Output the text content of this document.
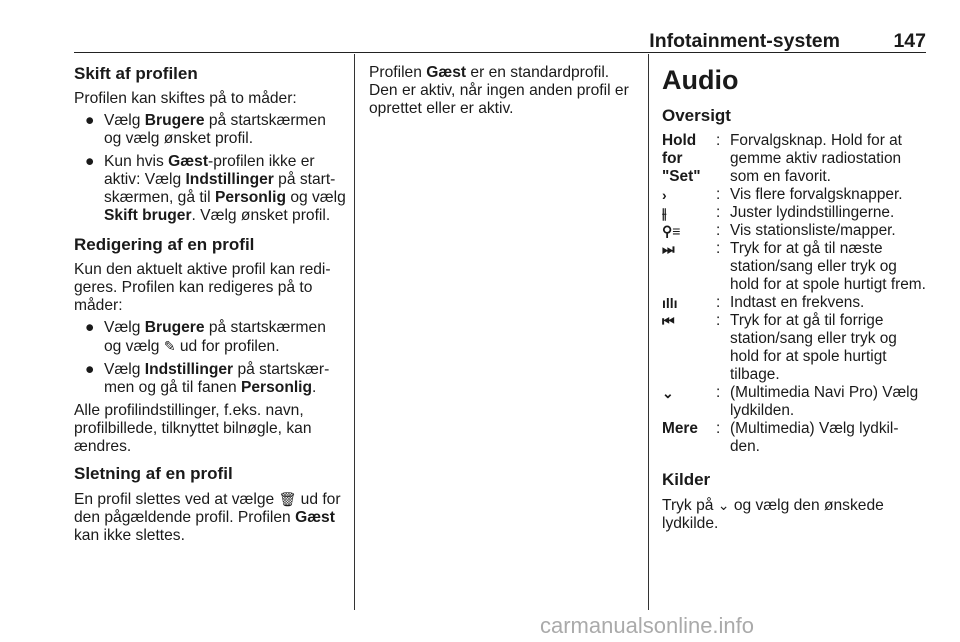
Infotainment-system	147
Skift af profilen

Profilen kan skiftes på to måder:

● Vælg Brugere på startskærmen og vælg ønsket profil.
● Kun hvis Gæst-profilen ikke er aktiv: Vælg Indstillinger på start-skærmen, gå til Personlig og vælg Skift bruger. Vælg ønsket profil.
Redigering af en profil

Kun den aktuelt aktive profil kan redi-geres. Profilen kan redigeres på to måder:

● Vælg Brugere på startskærmen og vælg ✎ ud for profilen.
● Vælg Indstillinger på startskær-men og gå til fanen Personlig.

Alle profilindstillinger, f.eks. navn, profilbillede, tilknyttet bilnøgle, kan ændres.

Sletning af en profil

En profil slettes ved at vælge 🗑 ud for den pågældende profil. Profilen Gæst kan ikke slettes.

Profilen Gæst er en standardprofil. Den er aktiv, når ingen anden profil er oprettet eller er aktiv.

Audio
Oversigt
Hold for "Set"
: Forvalgsknap. Hold for at gemme aktiv radiostation som en favorit.
›	: Vis flere forvalgsknapper.
⫲	: Juster lydindstillingerne.
⚲≡	: Vis stationsliste/mapper.
⏭	: Tryk for at gå til næste station/sang eller tryk og hold for at spole hurtigt frem.
ıllı	: Indtast en frekvens.
⏮	: Tryk for at gå til forrige station/sang eller tryk og hold for at spole hurtigt tilbage.
⌄	: (Multimedia Navi Pro) Vælg lydkilden.
Mere	: (Multimedia) Vælg lydkil-den.
Kilder

Tryk på ⌄ og vælg den ønskede lydkilde.

carmanualsonline.info
